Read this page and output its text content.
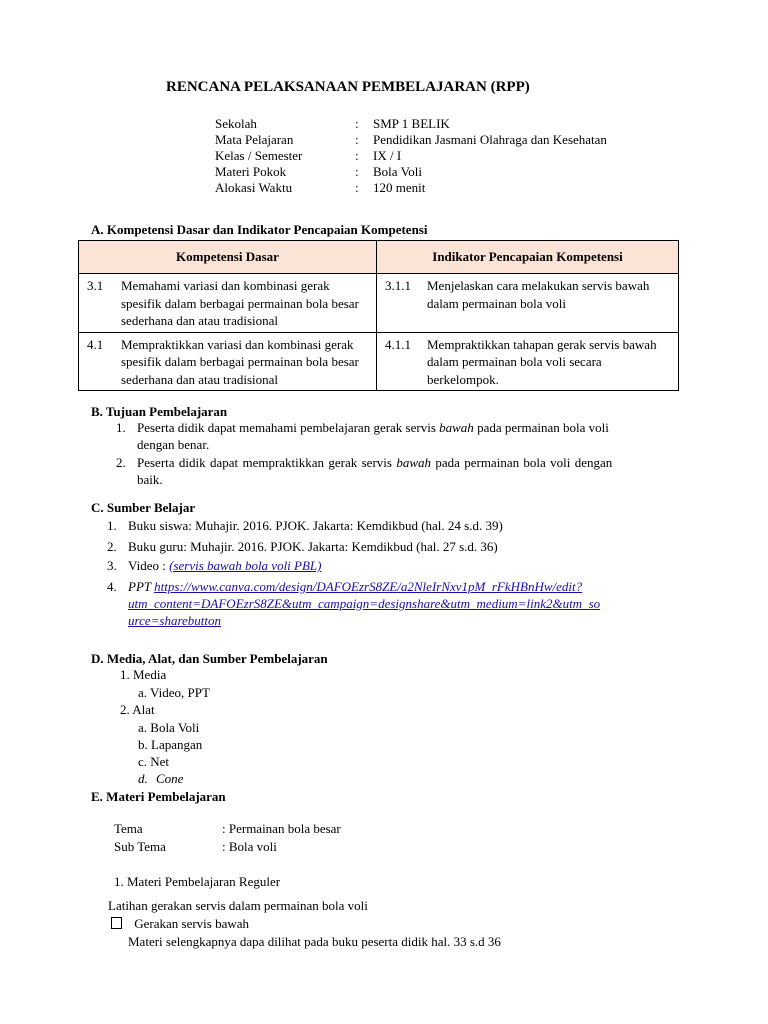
RENCANA PELAKSANAAN PEMBELAJARAN (RPP)
Sekolah	: SMP 1 BELIK
Mata Pelajaran	: Pendidikan Jasmani Olahraga dan Kesehatan
Kelas / Semester	: IX / I
Materi Pokok	: Bola Voli
Alokasi Waktu	: 120 menit
A. Kompetensi Dasar dan Indikator Pencapaian Kompetensi
Kompetensi Dasar	Indikator Pencapaian Kompetensi

3.1 Memahami variasi dan kombinasi gerak spesifik dalam berbagai permainan bola besar sederhana dan atau tradisional	3.1.1 Menjelaskan cara melakukan servis bawah dalam permainan bola voli

4.1 Mempraktikkan variasi dan kombinasi gerak spesifik dalam berbagai permainan bola besar sederhana dan atau tradisional	4.1.1 Mempraktikkan tahapan gerak servis bawah dalam permainan bola voli secara berkelompok.
B. Tujuan Pembelajaran
1. Peserta didik dapat memahami pembelajaran gerak servis bawah pada permainan bola voli
dengan benar.
2. Peserta didik dapat mempraktikkan gerak servis bawah pada permainan bola voli dengan
baik.
C. Sumber Belajar
1. Buku siswa: Muhajir. 2016. PJOK. Jakarta: Kemdikbud (hal. 24 s.d. 39)
2. Buku guru: Muhajir. 2016. PJOK. Jakarta: Kemdikbud (hal. 27 s.d. 36)
3. Video : (servis bawah bola voli PBL)
4. PPT https://www.canva.com/design/DAFOEzrS8ZE/a2NleIrNxv1pM_rFkHBnHw/edit?
utm_content=DAFOEzrS8ZE&utm_campaign=designshare&utm_medium=link2&utm_so
urce=sharebutton
D. Media, Alat, dan Sumber Pembelajaran
1. Media
a. Video, PPT
2. Alat
a. Bola Voli
b. Lapangan
c. Net
d. Cone
E. Materi Pembelajaran
Tema	: Permainan bola besar
Sub Tema	: Bola voli
1. Materi Pembelajaran Reguler
Latihan gerakan servis dalam permainan bola voli
Gerakan servis bawah
Materi selengkapnya dapa dilihat pada buku peserta didik hal. 33 s.d 36
